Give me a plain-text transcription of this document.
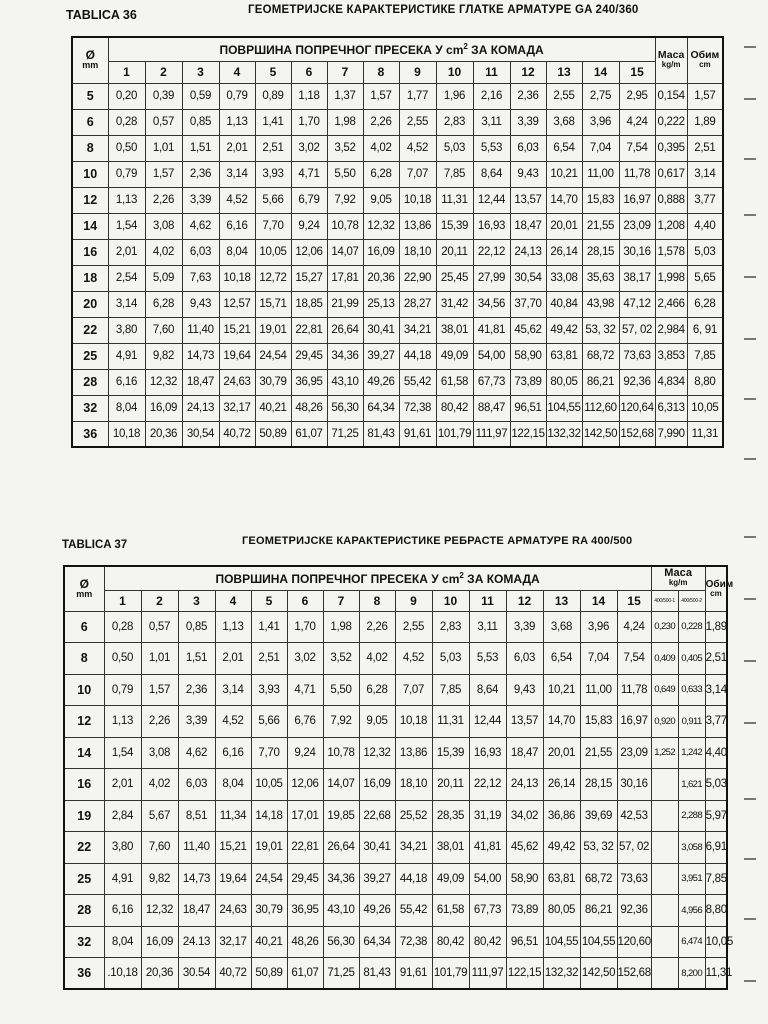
TABLICA 36	ГЕОМЕТРИЈСКЕ КАРАКТЕРИСТИКЕ ГЛАТКЕ АРМАТУРЕ GA 240/360
Ø
mm	ПОВРШИНА ПОПРЕЧНОГ ПРЕСЕКА У $cm^2$ ЗА КОМАДА															Маса
kg/m	Обим
cm
	1	2	3	4	5	6	7	8	9	10	11	12	13	14	15		
5	0,20	0,39	0,59	0,79	0,89	1,18	1,37	1,57	1,77	1,96	2,16	2,36	2,55	2,75	2,95	0,154	1,57
6	0,28	0,57	0,85	1,13	1,41	1,70	1,98	2,26	2,55	2,83	3,11	3,39	3,68	3,96	4,24	0,222	1,89
8	0,50	1,01	1,51	2,01	2,51	3,02	3,52	4,02	4,52	5,03	5,53	6,03	6,54	7,04	7,54	0,395	2,51
10	0,79	1,57	2,36	3,14	3,93	4,71	5,50	6,28	7,07	7,85	8,64	9,43	10,21	11,00	11,78	0,617	3,14
12	1,13	2,26	3,39	4,52	5,66	6,79	7,92	9,05	10,18	11,31	12,44	13,57	14,70	15,83	16,97	0,888	3,77
14	1,54	3,08	4,62	6,16	7,70	9,24	10,78	12,32	13,86	15,39	16,93	18,47	20,01	21,55	23,09	1,208	4,40
16	2,01	4,02	6,03	8,04	10,05	12,06	14,07	16,09	18,10	20,11	22,12	24,13	26,14	28,15	30,16	1,578	5,03
18	2,54	5,09	7,63	10,18	12,72	15,27	17,81	20,36	22,90	25,45	27,99	30,54	33,08	35,63	38,17	1,998	5,65
20	3,14	6,28	9,43	12,57	15,71	18,85	21,99	25,13	28,27	31,42	34,56	37,70	40,84	43,98	47,12	2,466	6,28
22	3,80	7,60	11,40	15,21	19,01	22,81	26,64	30,41	34,21	38,01	41,81	45,62	49,42	53, 32	57, 02	2,984	6, 91
25	4,91	9,82	14,73	19,64	24,54	29,45	34,36	39,27	44,18	49,09	54,00	58,90	63,81	68,72	73,63	3,853	7,85
28	6,16	12,32	18,47	24,63	30,79	36,95	43,10	49,26	55,42	61,58	67,73	73,89	80,05	86,21	92,36	4,834	8,80
32	8,04	16,09	24,13	32,17	40,21	48,26	56,30	64,34	72,38	80,42	88,47	96,51	104,55	112,60	120,64	6,313	10,05
36	10,18	20,36	30,54	40,72	50,89	61,07	71,25	81,43	91,61	101,79	111,97	122,15	132,32	142,50	152,68	7,990	11,31
TABLICA 37	ГЕОМЕТРИЈСКЕ КАРАКТЕРИСТИКЕ РЕБРАСТЕ АРМАТУРЕ RA 400/500
Ø
mm	ПОВРШИНА ПОПРЕЧНОГ ПРЕСЕКА У $cm^2$ ЗА КОМАДА															Маса
kg/m		Обим
cm
	1	2	3	4	5	6	7	8	9	10	11	12	13	14	15	400/500-1	400/500-2	
6	0,28	0,57	0,85	1,13	1,41	1,70	1,98	2,26	2,55	2,83	3,11	3,39	3,68	3,96	4,24	0,230	0,228	1,89
8	0,50	1,01	1,51	2,01	2,51	3,02	3,52	4,02	4,52	5,03	5,53	6,03	6,54	7,04	7,54	0,409	0,405	2,51
10	0,79	1,57	2,36	3,14	3,93	4,71	5,50	6,28	7,07	7,85	8,64	9,43	10,21	11,00	11,78	0,649	0,633	3,14
12	1,13	2,26	3,39	4,52	5,66	6,76	7,92	9,05	10,18	11,31	12,44	13,57	14,70	15,83	16,97	0,920	0,911	3,77
14	1,54	3,08	4,62	6,16	7,70	9,24	10,78	12,32	13,86	15,39	16,93	18,47	20,01	21,55	23,09	1,252	1,242	4,40
16	2,01	4,02	6,03	8,04	10,05	12,06	14,07	16,09	18,10	20,11	22,12	24,13	26,14	28,15	30,16		1,621	5,03
19	2,84	5,67	8,51	11,34	14,18	17,01	19,85	22,68	25,52	28,35	31,19	34,02	36,86	39,69	42,53		2,288	5,97
22	3,80	7,60	11,40	15,21	19,01	22,81	26,64	30,41	34,21	38,01	41,81	45,62	49,42	53, 32	57, 02		3,058	6,91
25	4,91	9,82	14,73	19,64	24,54	29,45	34,36	39,27	44,18	49,09	54,00	58,90	63,81	68,72	73,63		3,951	7,85
28	6,16	12,32	18,47	24,63	30,79	36,95	43,10	49,26	55,42	61,58	67,73	73,89	80,05	86,21	92,36		4,956	8,80
32	8,04	16,09	24.13	32,17	40,21	48,26	56,30	64,34	72,38	80,42	80,42	96,51	104,55	104,55	120,60		6,474	10,05
36	.10,18	20,36	30.54	40,72	50,89	61,07	71,25	81,43	91,61	101,79	111,97	122,15	132,32	142,50	152,68		8,200	11,31
